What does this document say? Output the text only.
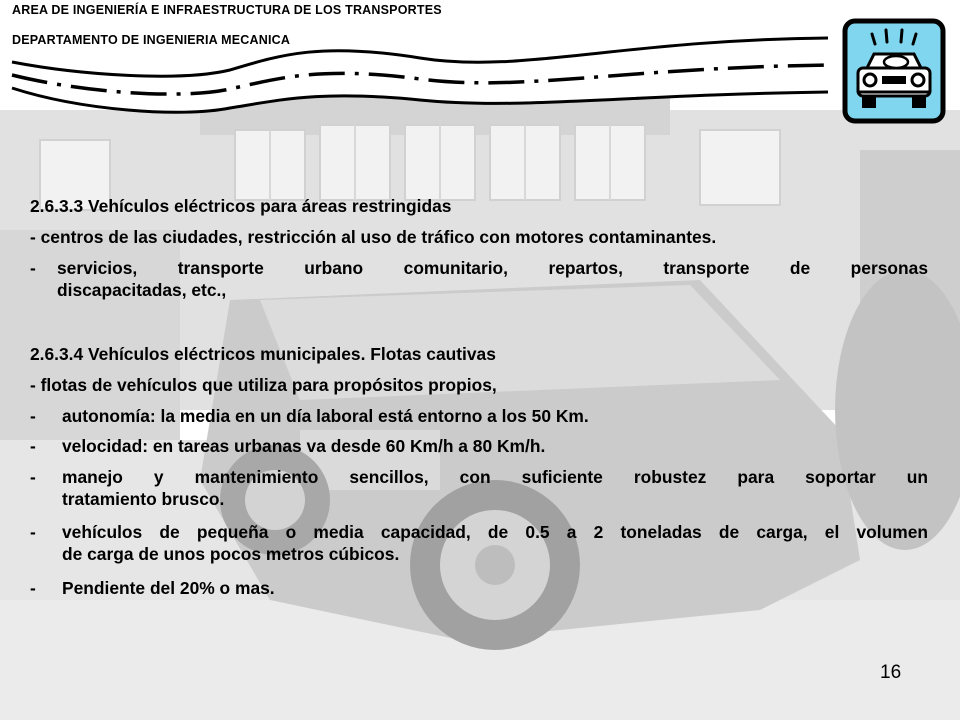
AREA DE INGENIERÍA E INFRAESTRUCTURA DE LOS TRANSPORTES
DEPARTAMENTO DE INGENIERIA MECANICA
2.6.3.3 Vehículos eléctricos para áreas restringidas
- centros de las ciudades, restricción al uso de tráfico con motores contaminantes.
- servicios, transporte urbano comunitario, repartos, transporte de personas
discapacitadas, etc.,
2.6.3.4 Vehículos eléctricos municipales. Flotas cautivas
- flotas de vehículos que utiliza para propósitos propios,
- autonomía: la media en un día laboral está entorno a los 50 Km.
- velocidad: en tareas urbanas va desde 60 Km/h a 80 Km/h.
- manejo y mantenimiento sencillos, con suficiente robustez para soportar un
tratamiento brusco.
- vehículos de pequeña o media capacidad, de 0.5 a 2 toneladas de carga, el volumen
de carga de unos pocos metros cúbicos.
- Pendiente del 20% o mas.
16
